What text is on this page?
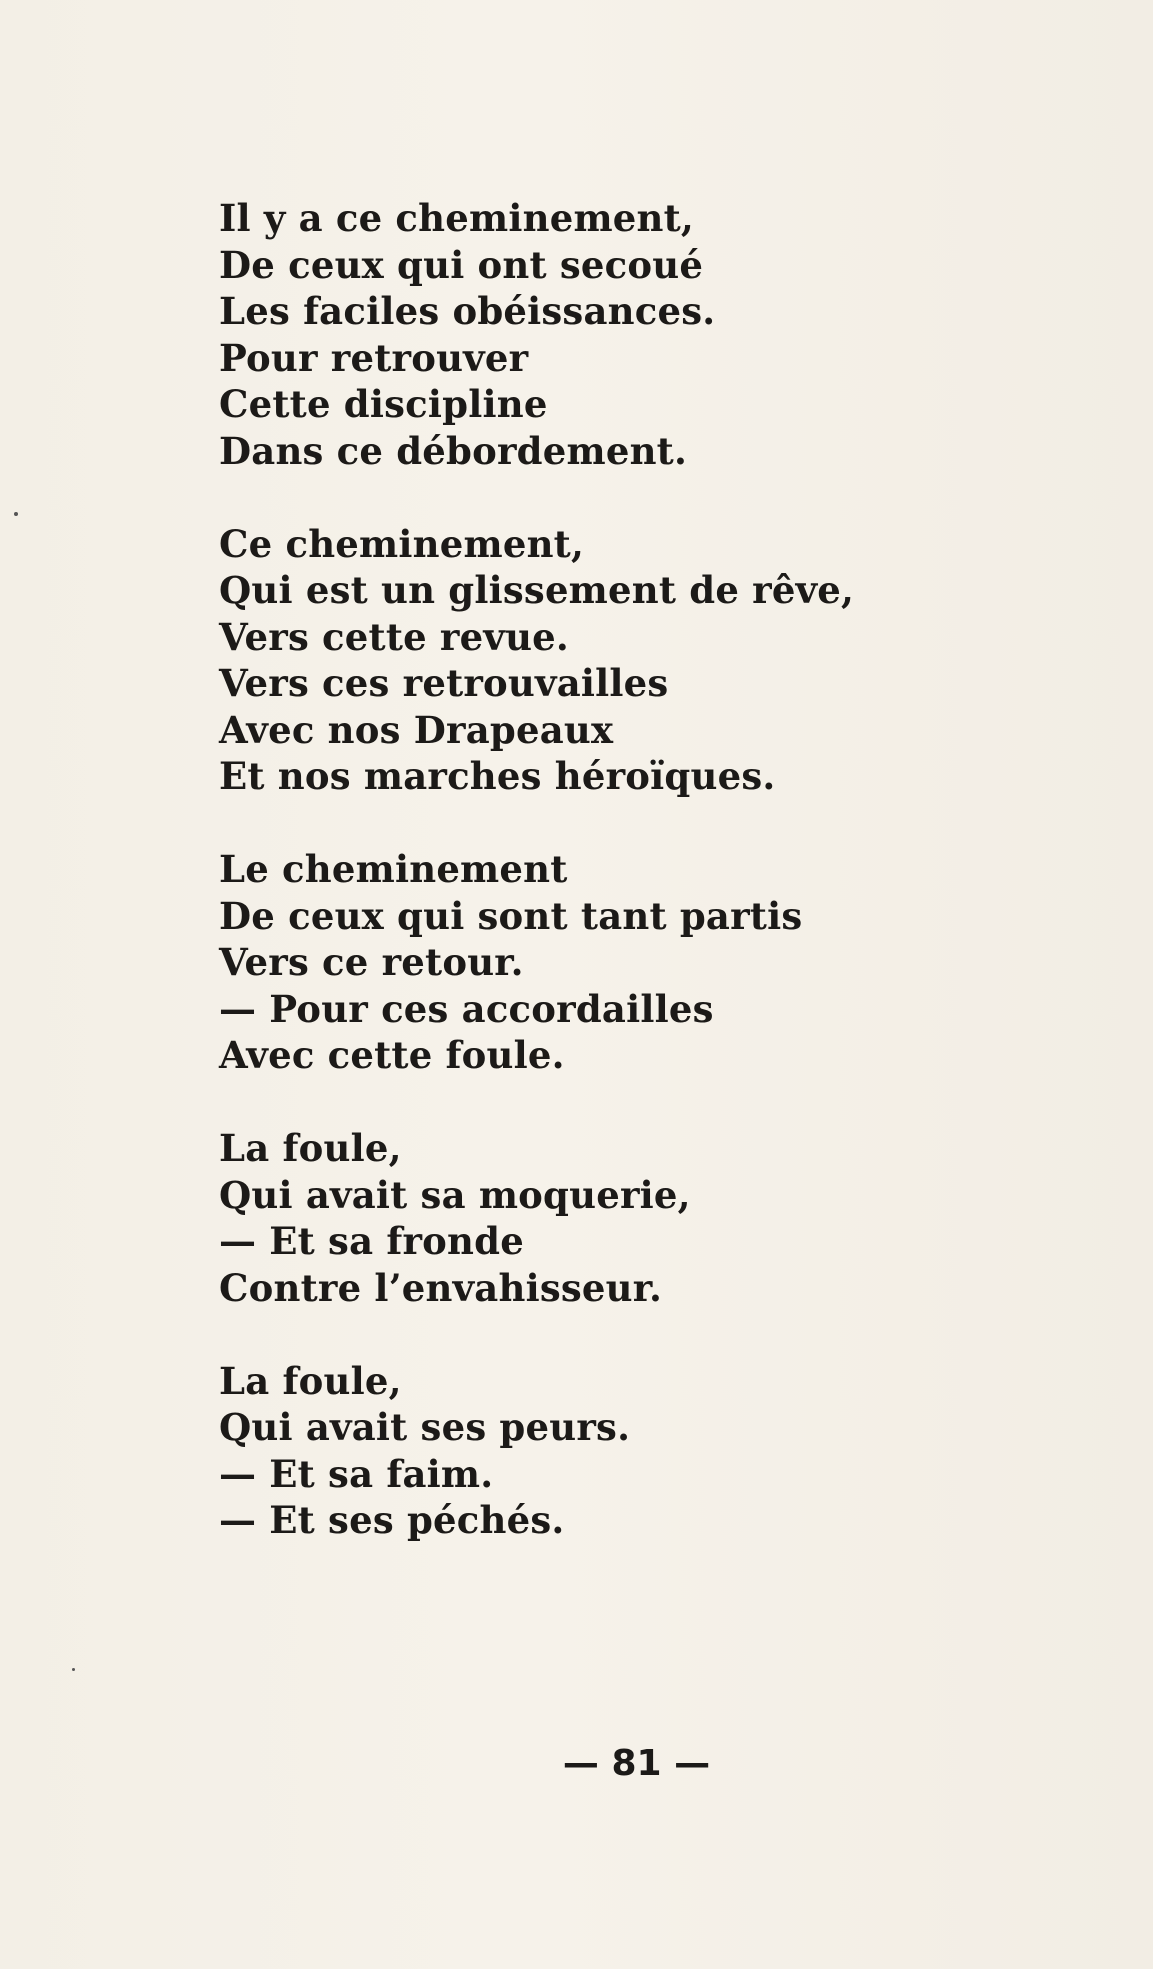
Il y a ce cheminement,
De ceux qui ont secoué
Les faciles obéissances.
Pour retrouver
Cette discipline
Dans ce débordement.
Ce cheminement,
Qui est un glissement de rêve,
Vers cette revue.
Vers ces retrouvailles
Avec nos Drapeaux
Et nos marches héroïques.
Le cheminement
De ceux qui sont tant partis
Vers ce retour.
— Pour ces accordailles
Avec cette foule.
La foule,
Qui avait sa moquerie,
— Et sa fronde
Contre l’envahisseur.
La foule,
Qui avait ses peurs.
— Et sa faim.
— Et ses péchés.
— 81 —
